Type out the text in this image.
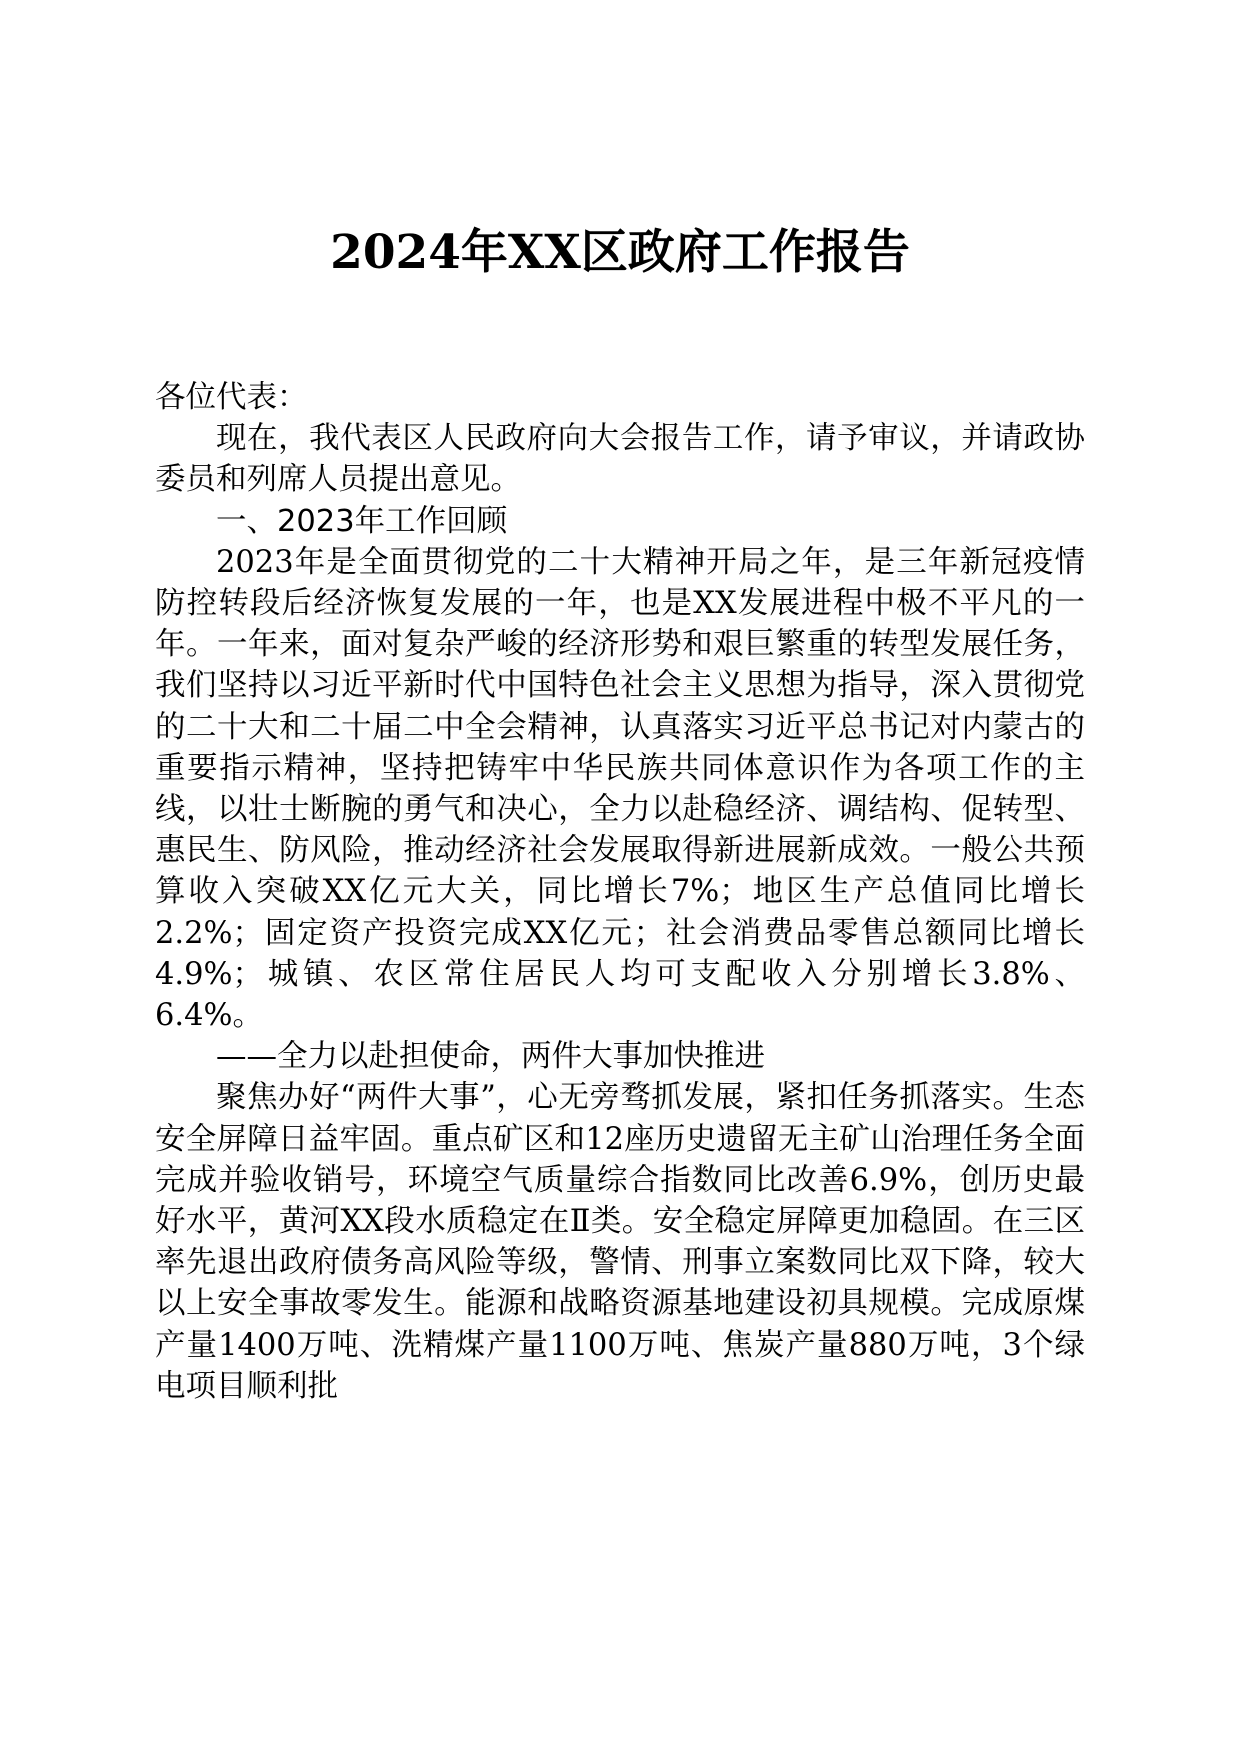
2024年XX区政府工作报告

各位代表：

现在，我代表区人民政府向大会报告工作，请予审议，并请政协委员和列席人员提出意见。

一、2023年工作回顾

2023年是全面贯彻党的二十大精神开局之年，是三年新冠疫情防控转段后经济恢复发展的一年，也是XX发展进程中极不平凡的一年。一年来，面对复杂严峻的经济形势和艰巨繁重的转型发展任务，我们坚持以习近平新时代中国特色社会主义思想为指导，深入贯彻党的二十大和二十届二中全会精神，认真落实习近平总书记对内蒙古的重要指示精神，坚持把铸牢中华民族共同体意识作为各项工作的主线，以壮士断腕的勇气和决心，全力以赴稳经济、调结构、促转型、惠民生、防风险，推动经济社会发展取得新进展新成效。一般公共预算收入突破XX亿元大关，同比增长7%；地区生产总值同比增长2.2%；固定资产投资完成XX亿元；社会消费品零售总额同比增长4.9%；城镇、农区常住居民人均可支配收入分别增长3.8%、6.4%。

——全力以赴担使命，两件大事加快推进

聚焦办好“两件大事”，心无旁骛抓发展，紧扣任务抓落实。生态安全屏障日益牢固。重点矿区和12座历史遗留无主矿山治理任务全面完成并验收销号，环境空气质量综合指数同比改善6.9%，创历史最好水平，黄河XX段水质稳定在Ⅱ类。安全稳定屏障更加稳固。在三区率先退出政府债务高风险等级，警情、刑事立案数同比双下降，较大以上安全事故零发生。能源和战略资源基地建设初具规模。完成原煤产量1400万吨、洗精煤产量1100万吨、焦炭产量880万吨，3个绿电项目顺利批
